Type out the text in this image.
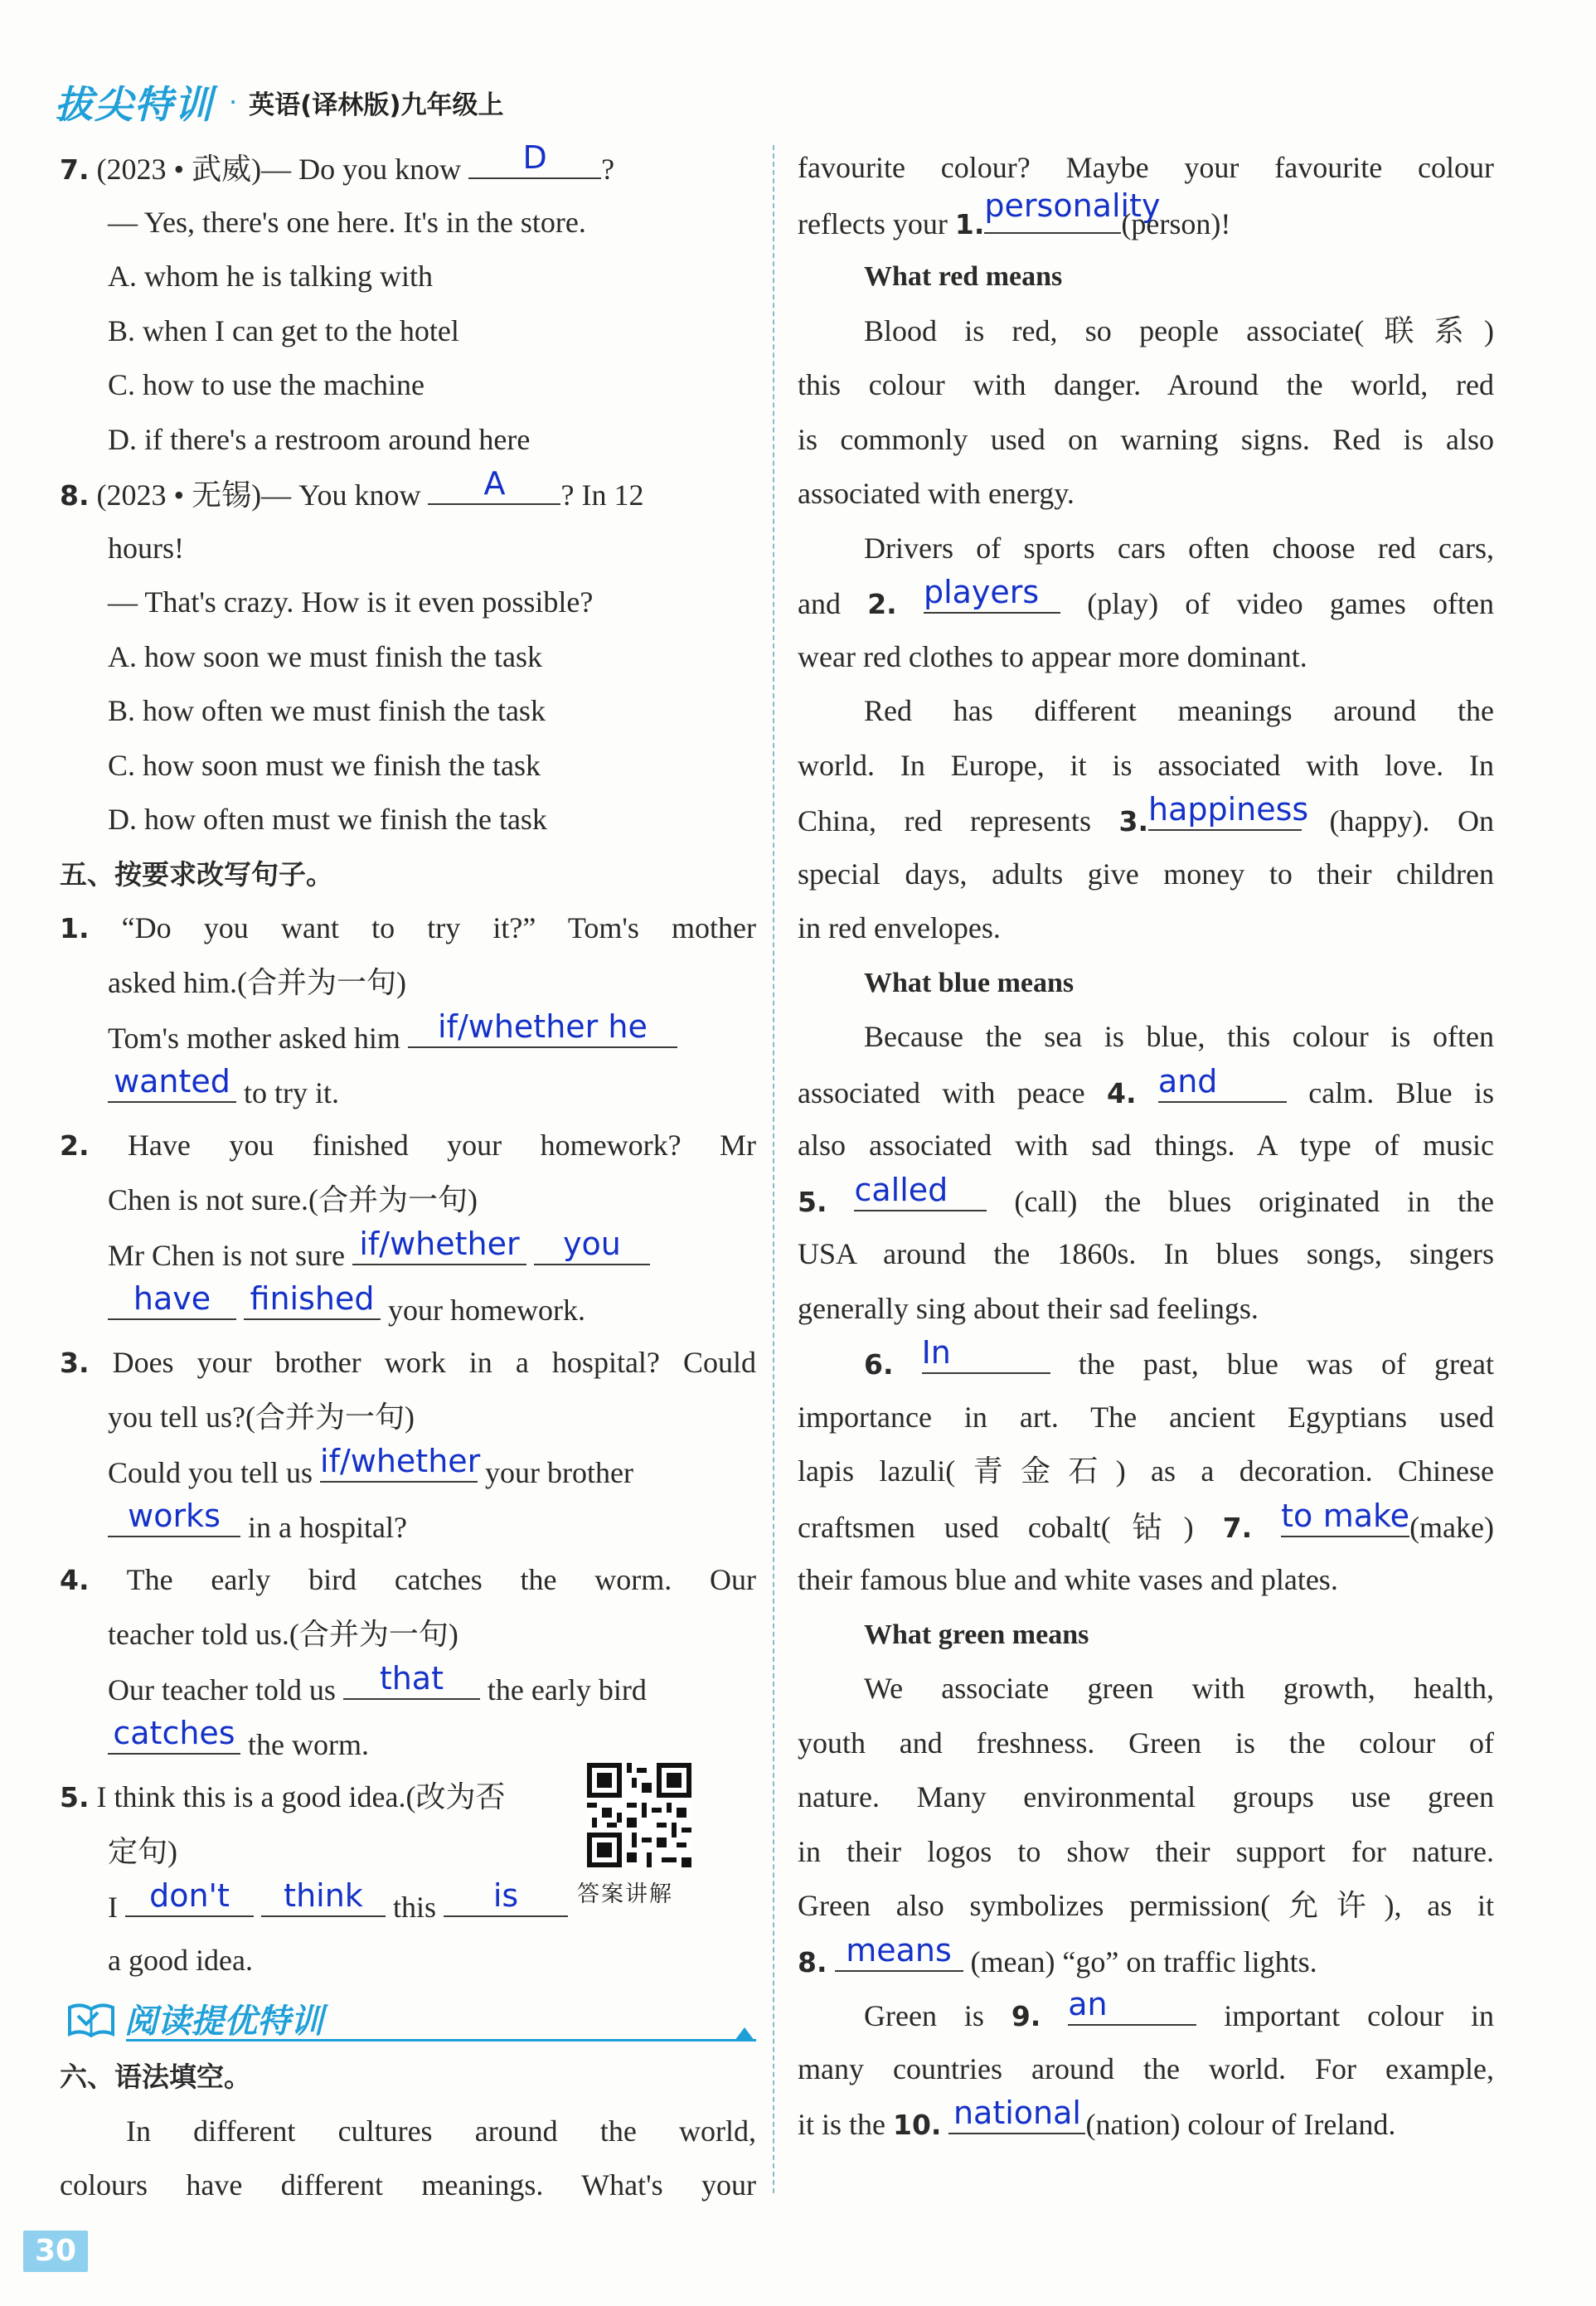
拔尖特训 · 英语(译林版)九年级上
7. (2023 • 武威)— Do you know	D	?
— Yes, there's one here. It's in the store.
A. whom he is talking with
B. when I can get to the hotel
C. how to use the machine
D. if there's a restroom around here
8. (2023 • 无锡)— You know	A	? In 12
hours!
— That's crazy. How is it even possible?
A. how soon we must finish the task
B. how often we must finish the task
C. how soon must we finish the task
D. how often must we finish the task
五、按要求改写句子。
1. “Do you want to try it?” Tom's mother
asked him.(合并为一句)
Tom's mother asked him	if/whether he
wanted to try it.
2. Have you finished your homework? Mr
Chen is not sure.(合并为一句)
Mr Chen is not sure if/whether
	you
have
	finished your homework.
3. Does your brother work in a hospital? Could
you tell us?(合并为一句)
Could you tell us if/whether your brother
works in a hospital?
4. The early bird catches the worm. Our
teacher told us.(合并为一句)
Our teacher told us	that	the early bird
catches the worm.
5. I think this is a good idea.(改为否
定句)
I	don't
	think	this	is
a good idea.
阅读提优特训
六、语法填空。
In different cultures around the world,
colours have different meanings. What's your
答案讲解
favourite colour? Maybe your favourite colour
reflects your 1.
personality
(person)!
What red means
Blood is red, so people associate(联系)
this colour with danger. Around the world, red
is commonly used on warning signs. Red is also
associated with energy.
Drivers of sports cars often choose red cars,
and 2. players	(play) of video games often
wear red clothes to appear more dominant.
Red has different meanings around the
world. In Europe, it is associated with love. In
China, red represents 3. happiness (happy). On
special days, adults give money to their children
in red envelopes.
What blue means
Because the sea is blue, this colour is often
associated with peace 4. and	calm. Blue is
also associated with sad things. A type of music
5. called	(call) the blues originated in the
USA around the 1860s. In blues songs, singers
generally sing about their sad feelings.
6. In	the past, blue was of great
importance in art. The ancient Egyptians used
lapis lazuli(青金石) as a decoration. Chinese
craftsmen used cobalt(钴) 7. to make (make)
their famous blue and white vases and plates.
What green means
We associate green with growth, health,
youth and freshness. Green is the colour of
nature. Many environmental groups use green
in their logos to show their support for nature.
Green also symbolizes permission(允许), as it
8. means (mean) “go” on traffic lights.
Green is 9. an	important colour in
many countries around the world. For example,
it is the 10. national (nation) colour of Ireland.
30
